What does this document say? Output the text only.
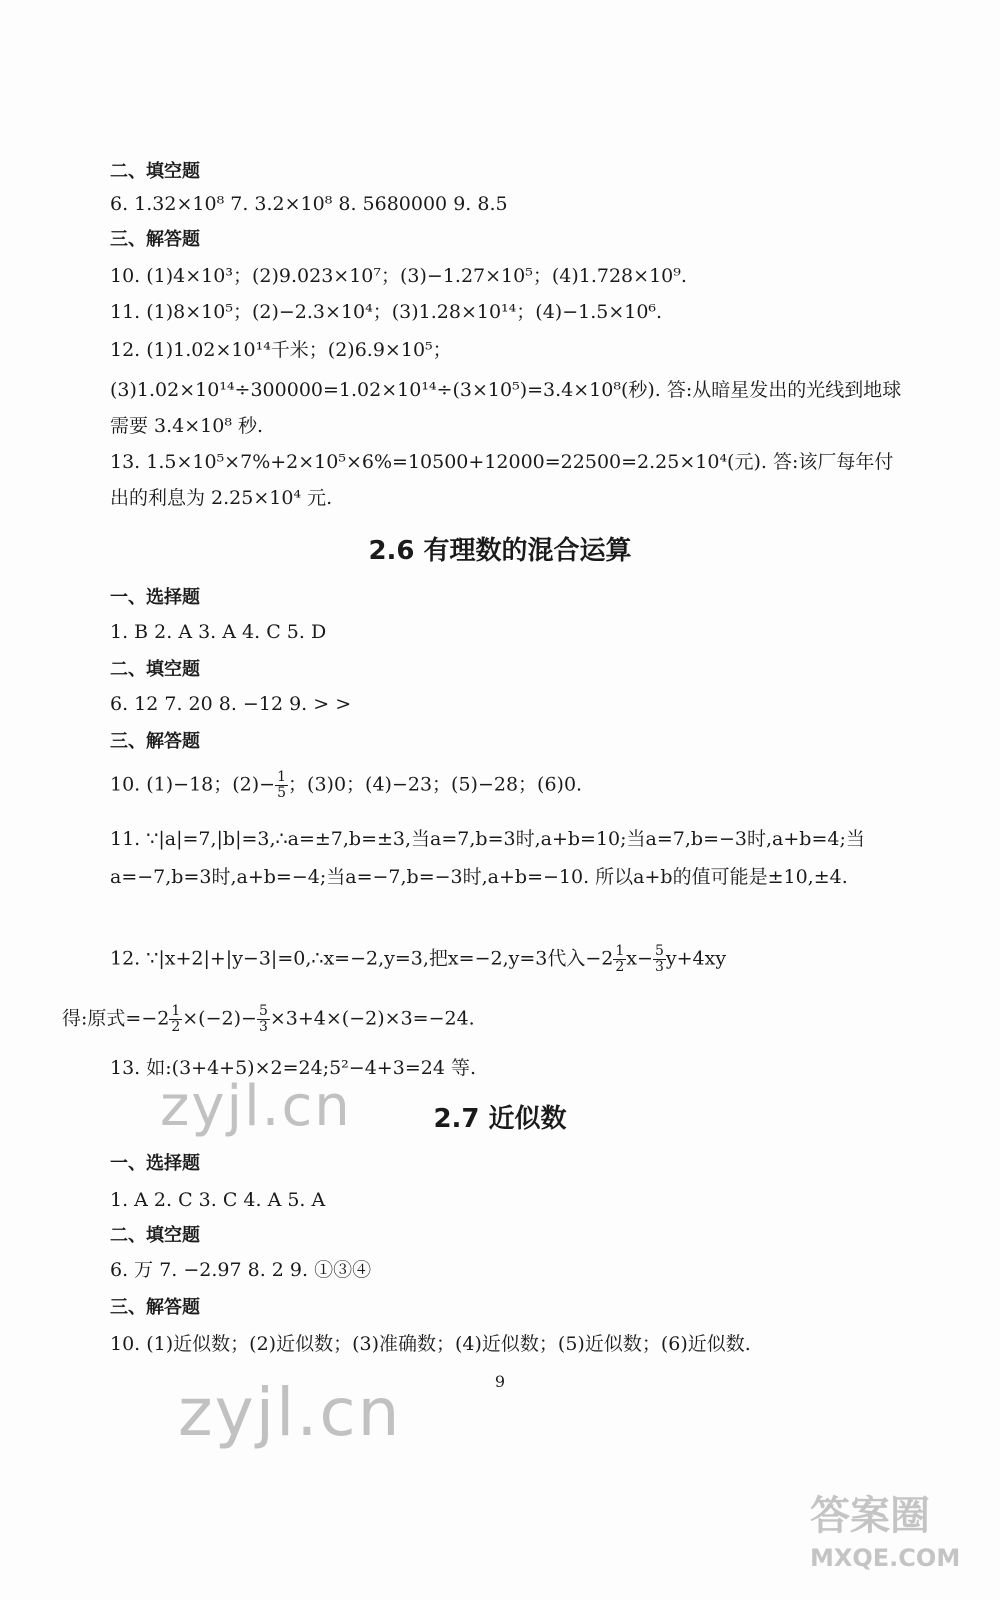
二、填空题
6. 1.32×10⁸ 7. 3.2×10⁸ 8. 5680000 9. 8.5
三、解答题
10. (1)4×10³；(2)9.023×10⁷；(3)−1.27×10⁵；(4)1.728×10⁹.
11. (1)8×10⁵；(2)−2.3×10⁴；(3)1.28×10¹⁴；(4)−1.5×10⁶.
12. (1)1.02×10¹⁴千米；(2)6.9×10⁵；
(3)1.02×10¹⁴÷300000=1.02×10¹⁴÷(3×10⁵)=3.4×10⁸(秒). 答:从暗星发出的光线到地球需要 3.4×10⁸ 秒.
13. 1.5×10⁵×7%+2×10⁵×6%=10500+12000=22500=2.25×10⁴(元). 答:该厂每年付出的利息为 2.25×10⁴ 元.
2.6 有理数的混合运算
一、选择题
1. B 2. A 3. A 4. C 5. D
二、填空题
6. 12 7. 20 8. −12 9. > >
三、解答题
10. (1)−18；$(2)- \frac{1}{5}$ ；(3)0；(4)−23；(5)−28；(6)0.
11. ∵|a|=7,|b|=3,∴a=±7,b=±3,当a=7,b=3时,a+b=10;当a=7,b=−3时,a+b=4;当a=−7,b=3时,a+b=−4;当a=−7,b=−3时,a+b=−10. 所以a+b的值可能是±10,±4.
12. ∵|x+2|+|y−3|=0,∴x=−2,y=3,把x=−2,y=3代入$-2 \frac{1}{2} x- \frac{5}{3} y+4xy$
得:原式$=-2 \frac{1}{2} \times(-2)- \frac{5}{3} \times 3+4\times(-2)\times 3=-24$.
13. 如:(3+4+5)×2=24;5²−4+3=24 等.
zyjl.cn	2.7 近似数
一、选择题
1. A 2. C 3. C 4. A 5. A
二、填空题
6. 万 7. −2.97 8. 2 9. ①③④
三、解答题
10. (1)近似数；(2)近似数；(3)准确数；(4)近似数；(5)近似数；(6)近似数.
9
zyjl.cn
答案圈
MXQE.COM
